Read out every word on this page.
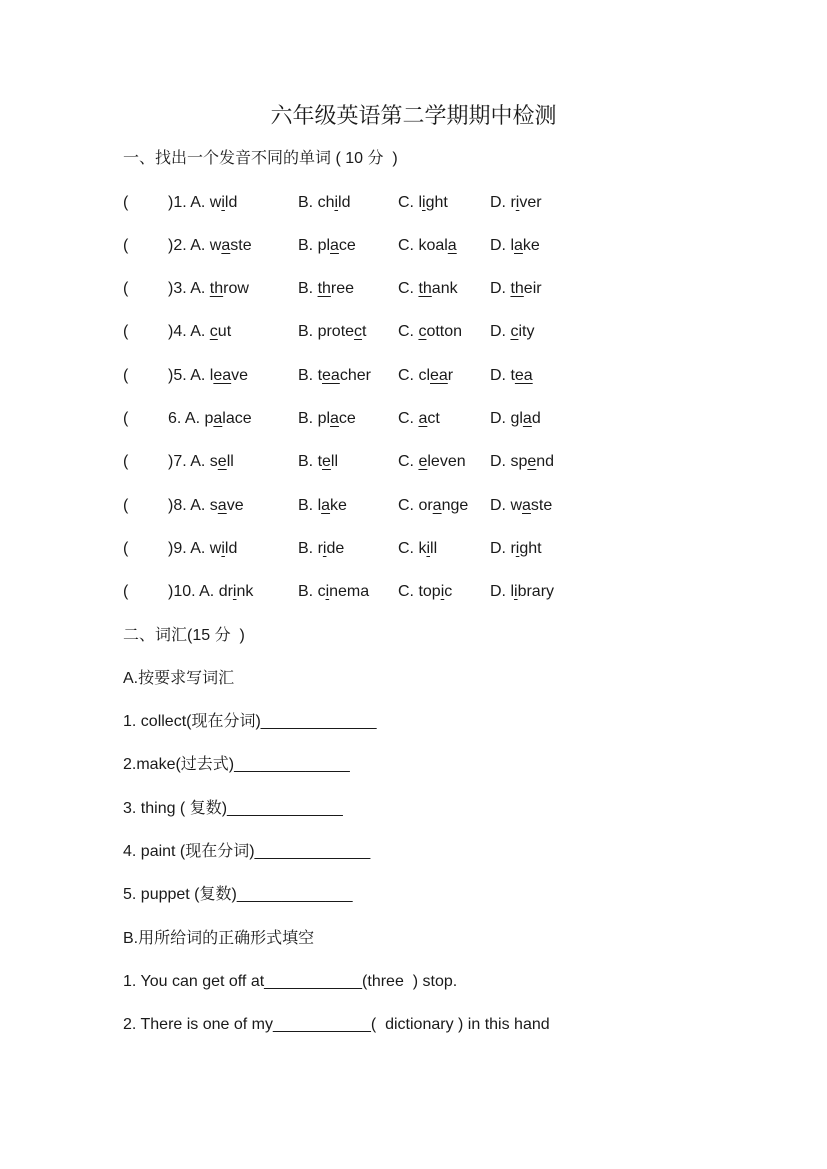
六年级英语第二学期期中检测
一、找出一个发音不同的单词 ( 10 分  )
( )1. A. wild	B. child	C. light	D. river
( )2. A. waste	B. place	C. koala D. lake
( )3. A. throw	B. three	C. thank D. their
( )4. A. cut	B. protect C. cotton D. city
( )5. A. leave	B. teacher C. clear D. tea
( 6. A. palace	B. place	C. act	D. glad
( )7. A. sell	B. tell	C. eleven D. spend
( )8. A. save	B. lake	C. orange D. waste
( )9. A. wild	B. ride	C. kill	D. right
( )10. A. drink	B. cinema C. topic D. library
二、词汇(15 分  )
A.按要求写词汇
1. collect(现在分词)_____________
2.make(过去式)_____________
3. thing ( 复数)_____________
4. paint (现在分词)_____________
5. puppet (复数)_____________
B.用所给词的正确形式填空
1. You can get off at___________(three  ) stop.
2. There is one of my___________(  dictionary ) in this hand
